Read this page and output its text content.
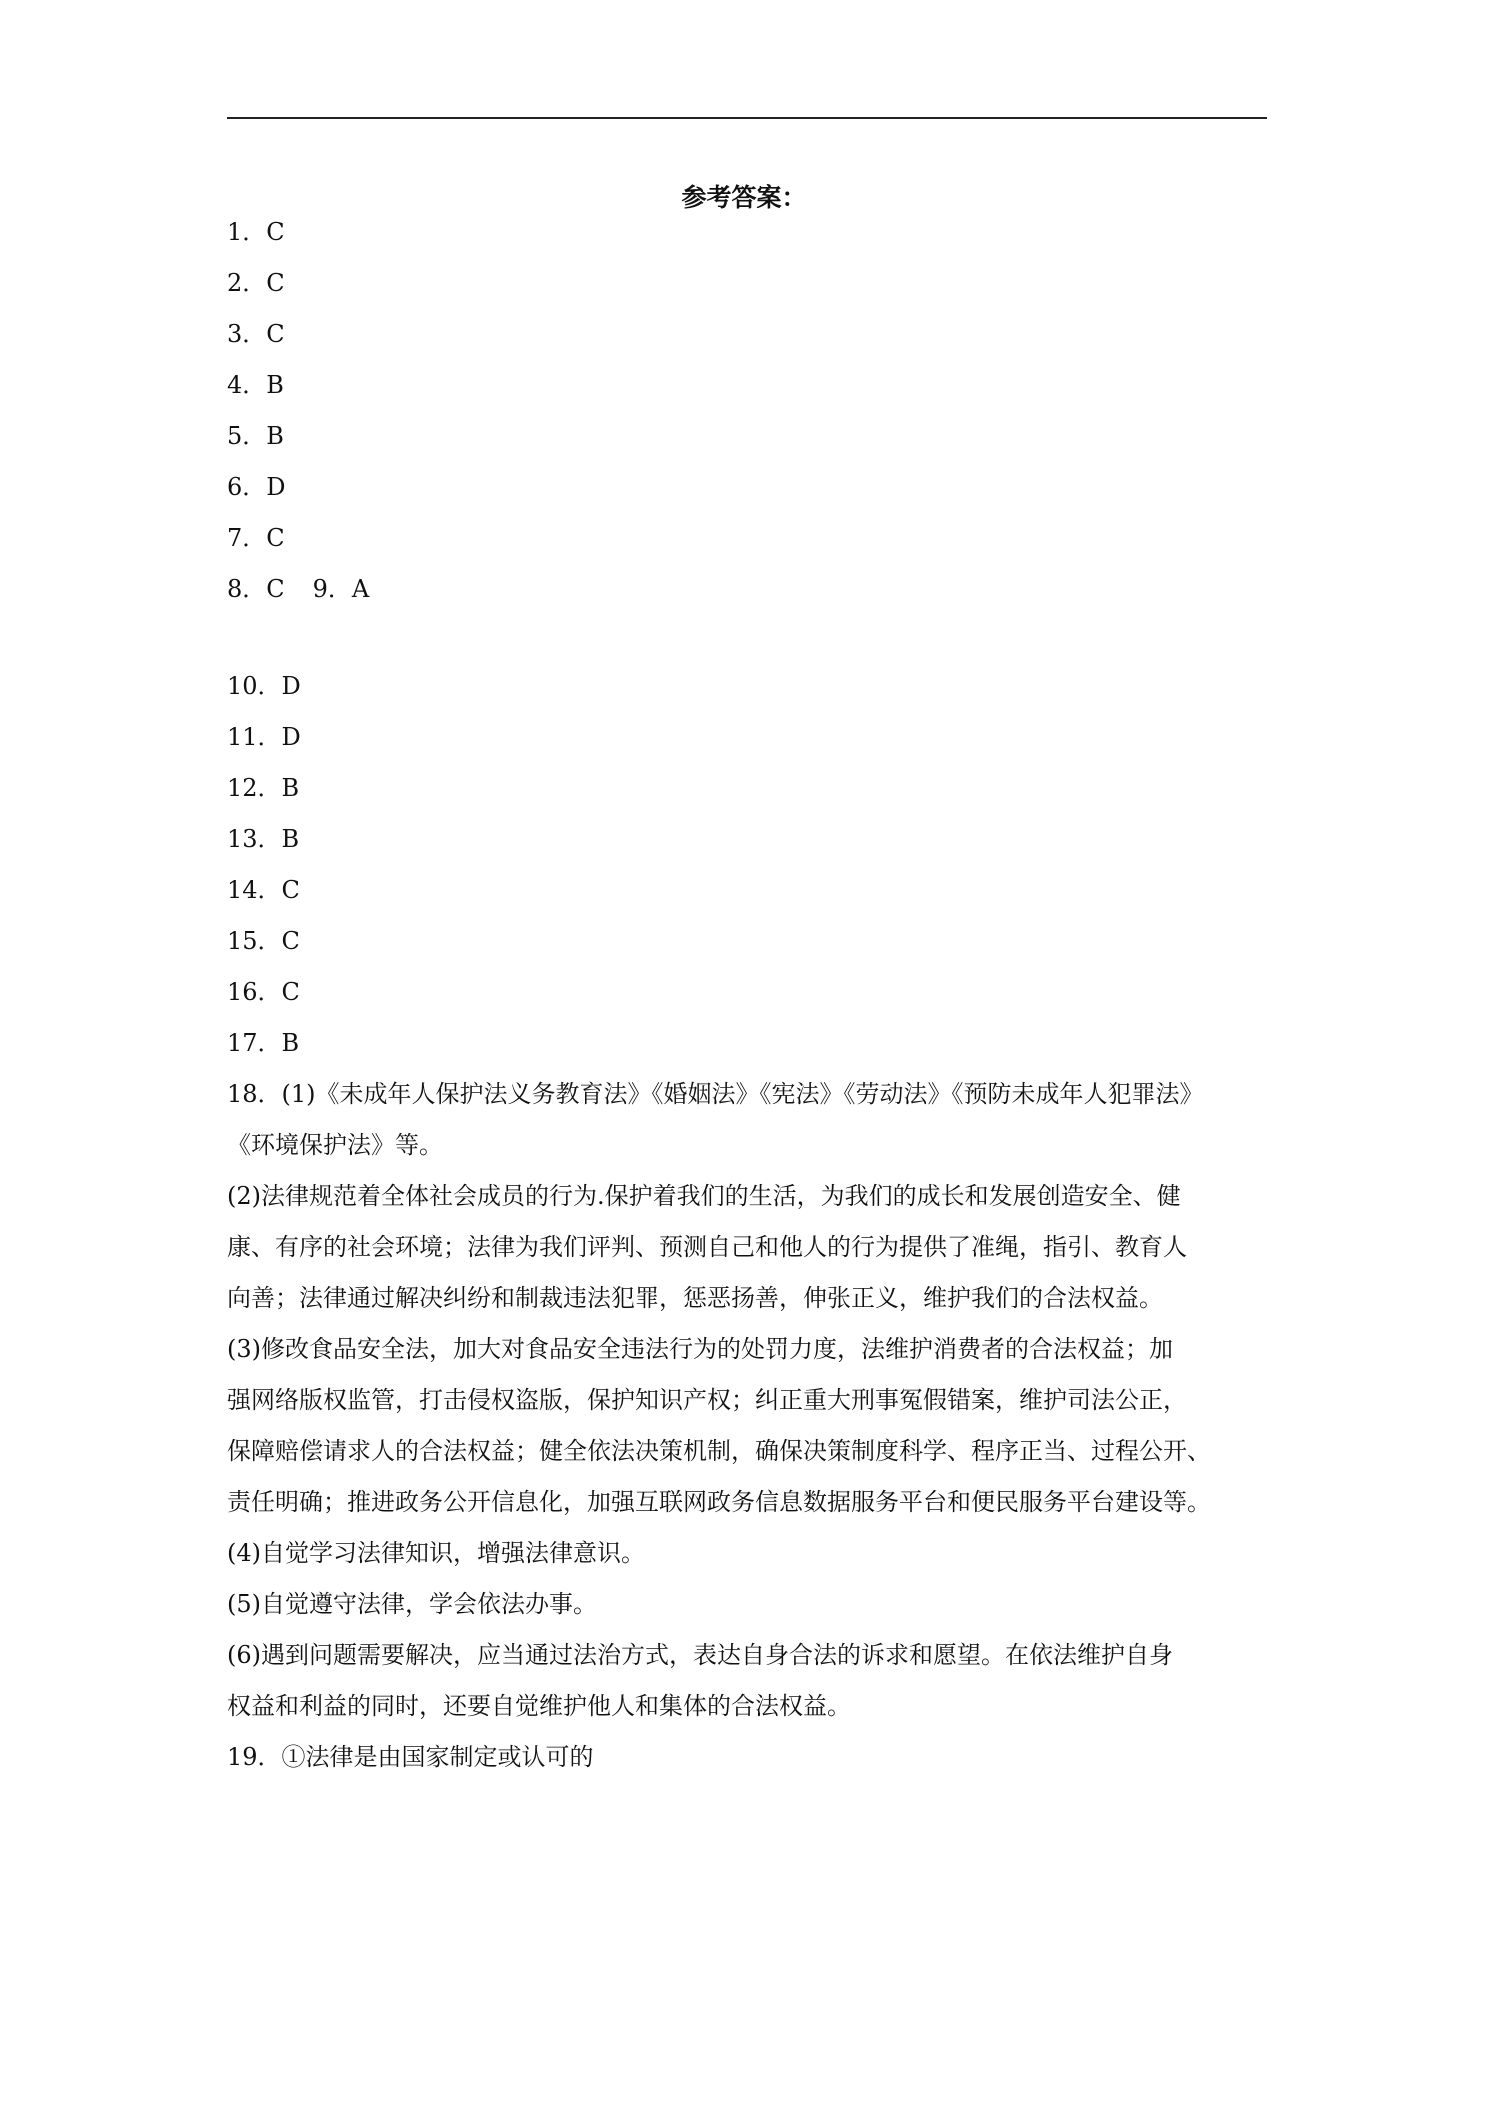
参考答案：
1．C
2．C
3．C
4．B
5．B
6．D
7．C
8．C 9．A
10．D
11．D
12．B
13．B
14．C
15．C
16．C
17．B
18．(1)《未成年人保护法义务教育法》《婚姻法》《宪法》《劳动法》《预防未成年人犯罪法》
《环境保护法》等。
(2)法律规范着全体社会成员的行为.保护着我们的生活，为我们的成长和发展创造安全、健
康、有序的社会环境；法律为我们评判、预测自己和他人的行为提供了准绳，指引、教育人
向善；法律通过解决纠纷和制裁违法犯罪，惩恶扬善，伸张正义，维护我们的合法权益。
(3)修改食品安全法，加大对食品安全违法行为的处罚力度，法维护消费者的合法权益；加
强网络版权监管，打击侵权盗版，保护知识产权；纠正重大刑事冤假错案，维护司法公正，
保障赔偿请求人的合法权益；健全依法决策机制，确保决策制度科学、程序正当、过程公开、
责任明确；推进政务公开信息化，加强互联网政务信息数据服务平台和便民服务平台建设等。
(4)自觉学习法律知识，增强法律意识。
(5)自觉遵守法律，学会依法办事。
(6)遇到问题需要解决，应当通过法治方式，表达自身合法的诉求和愿望。在依法维护自身
权益和利益的同时，还要自觉维护他人和集体的合法权益。
19．①法律是由国家制定或认可的
